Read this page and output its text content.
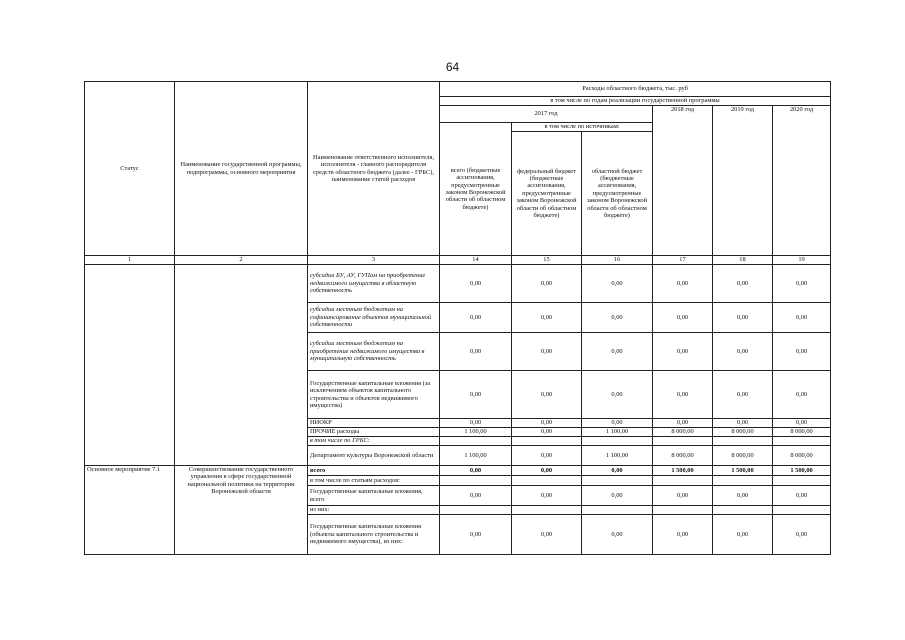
64
Статус	Наименование государственной программы, подпрограммы, основного мероприятия	Наименование ответственного исполнителя, исполнителя - главного распорядителя средств областного бюджета (далее - ГРБС), наименование статей расходов	Расходы областного бюджета, тыс. руб					
			в том числе по годам реализации государственной программы					
			2017 год			2018 год	2019 год	2020 год
			всего (бюджетные ассигнования, предусмотренные законом Воронежской области об областном бюджете)	в том числе по источникам:				
				федеральный бюджет (бюджетные ассигнования, предусмотренные законом Воронежской области об областном бюджете)	областной бюджет (бюджетные ассигнования, предусмотренные законом Воронежской области об областном бюджете)			
1	2	3	14	15	16	17	18	19
		субсидии БУ, АУ, ГУПам на приобретение недвижимого имущества в областную собственность	0,00	0,00	0,00	0,00	0,00	0,00
		субсидии местным бюджетам на софинансирование объектов муниципальной собственности	0,00	0,00	0,00	0,00	0,00	0,00
		субсидии местным бюджетам на приобретение недвижимого имущества в муниципальную собственность	0,00	0,00	0,00	0,00	0,00	0,00
		Государственные капитальные вложения (за исключением объектов капитального строительства и объектов недвижимого имущества)	0,00	0,00	0,00	0,00	0,00	0,00
		НИОКР	0,00	0,00	0,00	0,00	0,00	0,00
		ПРОЧИЕ расходы	1 100,00	0,00	1 100,00	8 000,00	8 000,00	8 000,00
		в том числе по ГРБС:						
		Департамент культуры Воронежской области	1 100,00	0,00	1 100,00	8 000,00	8 000,00	8 000,00
Основное мероприятие 7.1	Совершенствование государственного управления в сфере государственной национальной политики на территории Воронежской области	всего	0,00	0,00	0,00	1 500,00	1 500,00	1 500,00
		в том числе по статьям расходов:						
		Государственные капитальные вложения, всего	0,00	0,00	0,00	0,00	0,00	0,00
		из них:						
		Государственные капитальные вложения (объекты капитального строительства и недвижимого имущества), из них:	0,00	0,00	0,00	0,00	0,00	0,00
